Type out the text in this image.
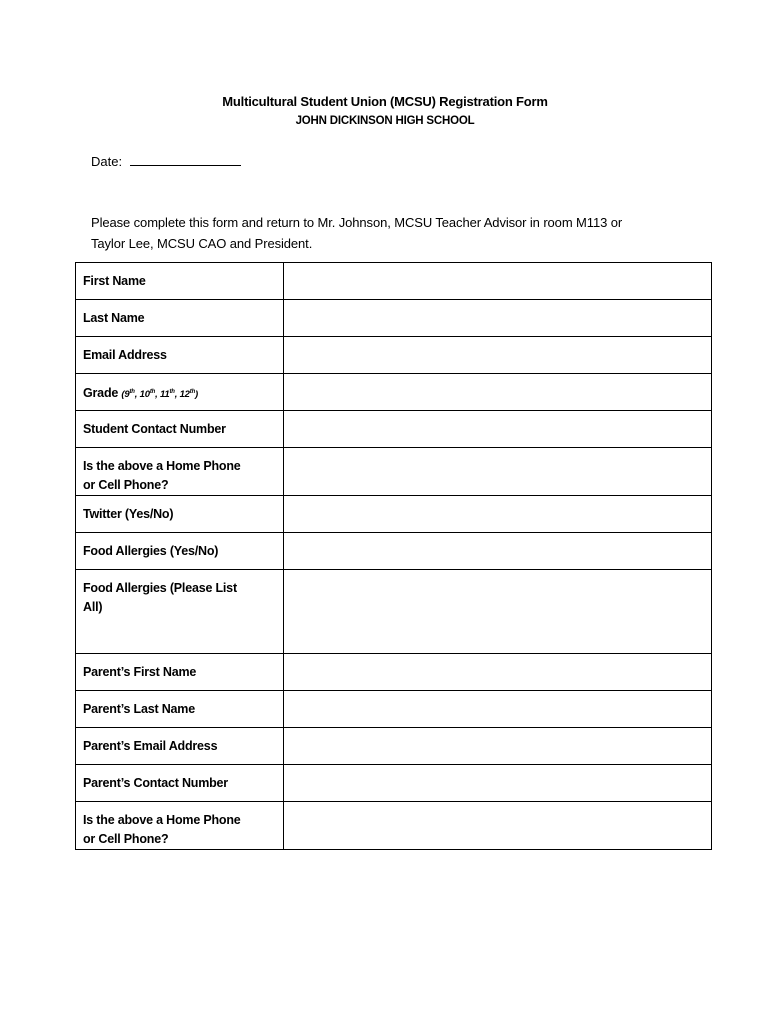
Multicultural Student Union (MCSU) Registration Form
JOHN DICKINSON HIGH SCHOOL
Date:
Please complete this form and return to Mr. Johnson, MCSU Teacher Advisor in room M113 or
Taylor Lee, MCSU CAO and President.
First Name	
Last Name	
Email Address	
Grade (9th, 10th, 11th, 12th)	
Student Contact Number	

Is the above a Home Phone
or Cell Phone?	

Twitter (Yes/No)	
Food Allergies (Yes/No)	

Food Allergies (Please List
All)	

Parent’s First Name	
Parent’s Last Name	
Parent’s Email Address	
Parent’s Contact Number	

Is the above a Home Phone
or Cell Phone?	
